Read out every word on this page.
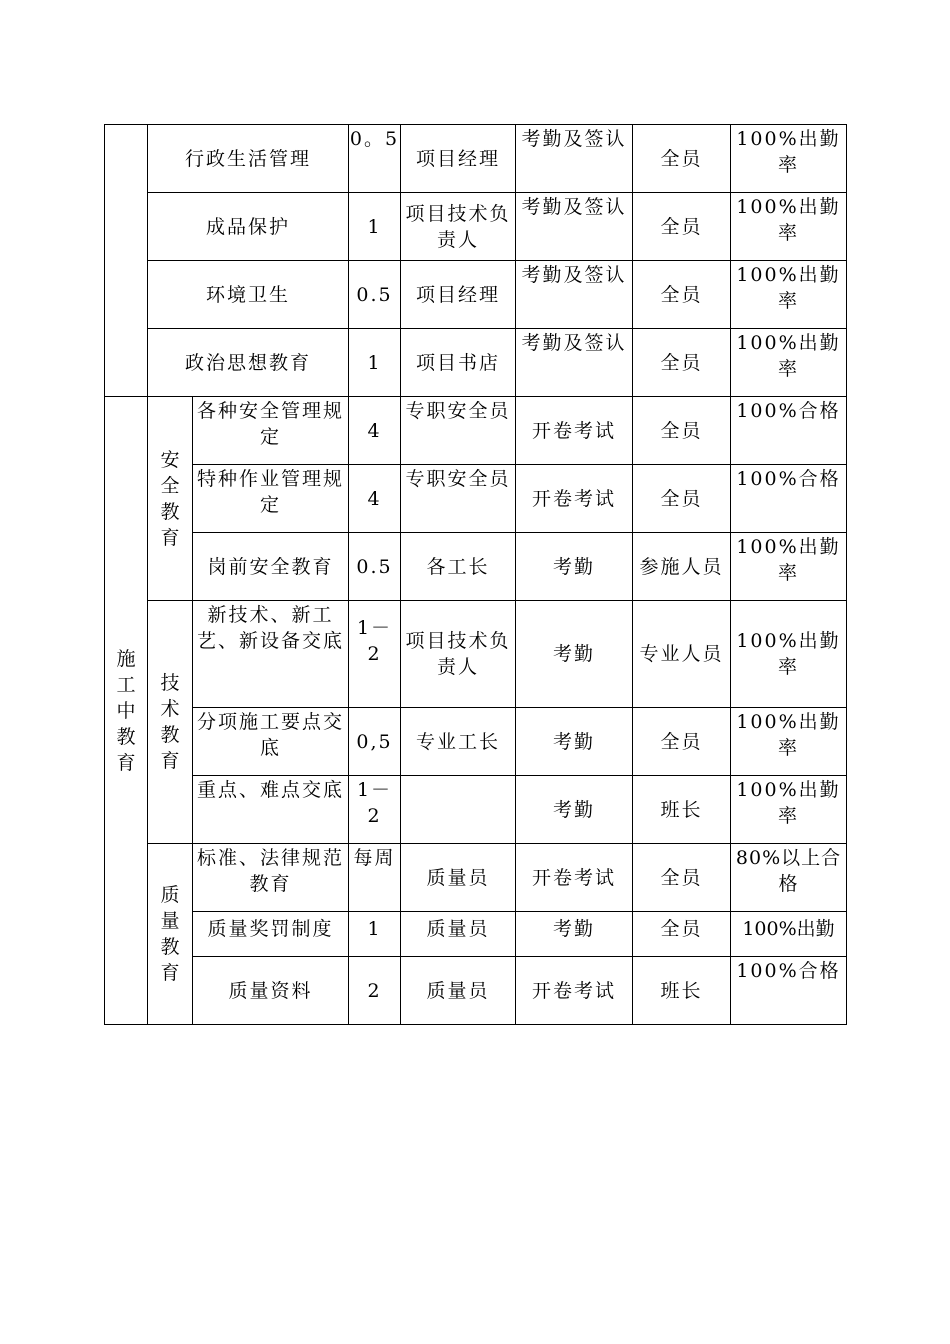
	行政生活管理		0。5	项目经理	考勤及签认	全员	100%出勤率
	成品保护		1	项目技术负责人	考勤及签认	全员	100%出勤率
	环境卫生		0.5	项目经理	考勤及签认	全员	100%出勤率
	政治思想教育		1	项目书店	考勤及签认	全员	100%出勤率
施工中教育	安全教育	各种安全管理规定	4	专职安全员	开卷考试	全员	100%合格
		特种作业管理规定	4	专职安全员	开卷考试	全员	100%合格
		岗前安全教育	0.5	各工长	考勤	参施人员	100%出勤率
	技术教育	新技术、新工艺、新设备交底	1－2	项目技术负责人	考勤	专业人员	100%出勤率
		分项施工要点交底	0,5	专业工长	考勤	全员	100%出勤率
		重点、难点交底	1－2		考勤	班长	100%出勤率
	质量教育	标准、法律规范教育	每周	质量员	开卷考试	全员	80%以上合格
		质量奖罚制度	1	质量员	考勤	全员	100%出勤
		质量资料	2	质量员	开卷考试	班长	100%合格
